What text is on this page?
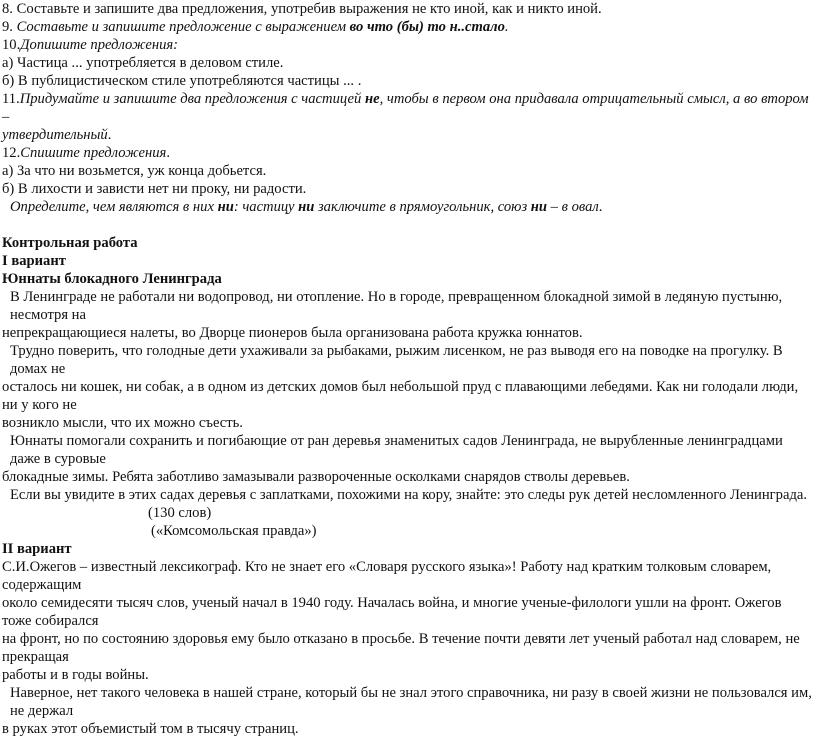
8. Составьте и запишите два предложения, употребив выражения не кто иной, как и никто иной.

9. Составьте и запишите предложение с выражением во что (бы) то н..стало.

10.Допишите предложения:

а) Частица ... употребляется в деловом стиле.

б) В публицистическом стиле употребляются частицы ... .

11.Придумайте и запишите два предложения с частицей не, чтобы в первом она придавала отрицательный смысл, а во втором –

утвердительный.

12.Спишите предложения.

а) За что ни возьмется, уж конца добьется.

б) В лихости и зависти нет ни проку, ни радости.

Определите, чем являются в них ни: частицу ни заключите в прямоугольник, союз ни – в овал.

Контрольная работа

I вариант

Юннаты блокадного Ленинграда

В Ленинграде не работали ни водопровод, ни отопление. Но в городе, превращенном блокадной зимой в ледяную пустыню, несмотря на

непрекращающиеся налеты, во Дворце пионеров была организована работа кружка юннатов.

Трудно поверить, что голодные дети ухаживали за рыбаками, рыжим лисенком, не раз выводя его на поводке на прогулку. В домах не

осталось ни кошек, ни собак, а в одном из детских домов был небольшой пруд с плавающими лебедями. Как ни голодали люди, ни у кого не

возникло мысли, что их можно съесть.

Юннаты помогали сохранить и погибающие от ран деревья знаменитых садов Ленинграда, не вырубленные ленинградцами даже в суровые

блокадные зимы. Ребята заботливо замазывали развороченные осколками снарядов стволы деревьев.

Если вы увидите в этих садах деревья с заплатками, похожими на кору, знайте: это следы рук детей несломленного Ленинграда.

(130 слов)

(«Комсомольская правда»)

II вариант

С.И.Ожегов – известный лексикограф. Кто не знает его «Словаря русского языка»! Работу над кратким толковым словарем, содержащим

около семидесяти тысяч слов, ученый начал в 1940 году. Началась война, и многие ученые-филологи ушли на фронт. Ожегов тоже собирался

на фронт, но по состоянию здоровья ему было отказано в просьбе. В течение почти девяти лет ученый работал над словарем, не прекращая

работы и в годы войны.

Наверное, нет такого человека в нашей стране, который бы не знал этого справочника, ни разу в своей жизни не пользовался им, не держал

в руках этот объемистый том в тысячу страниц.
